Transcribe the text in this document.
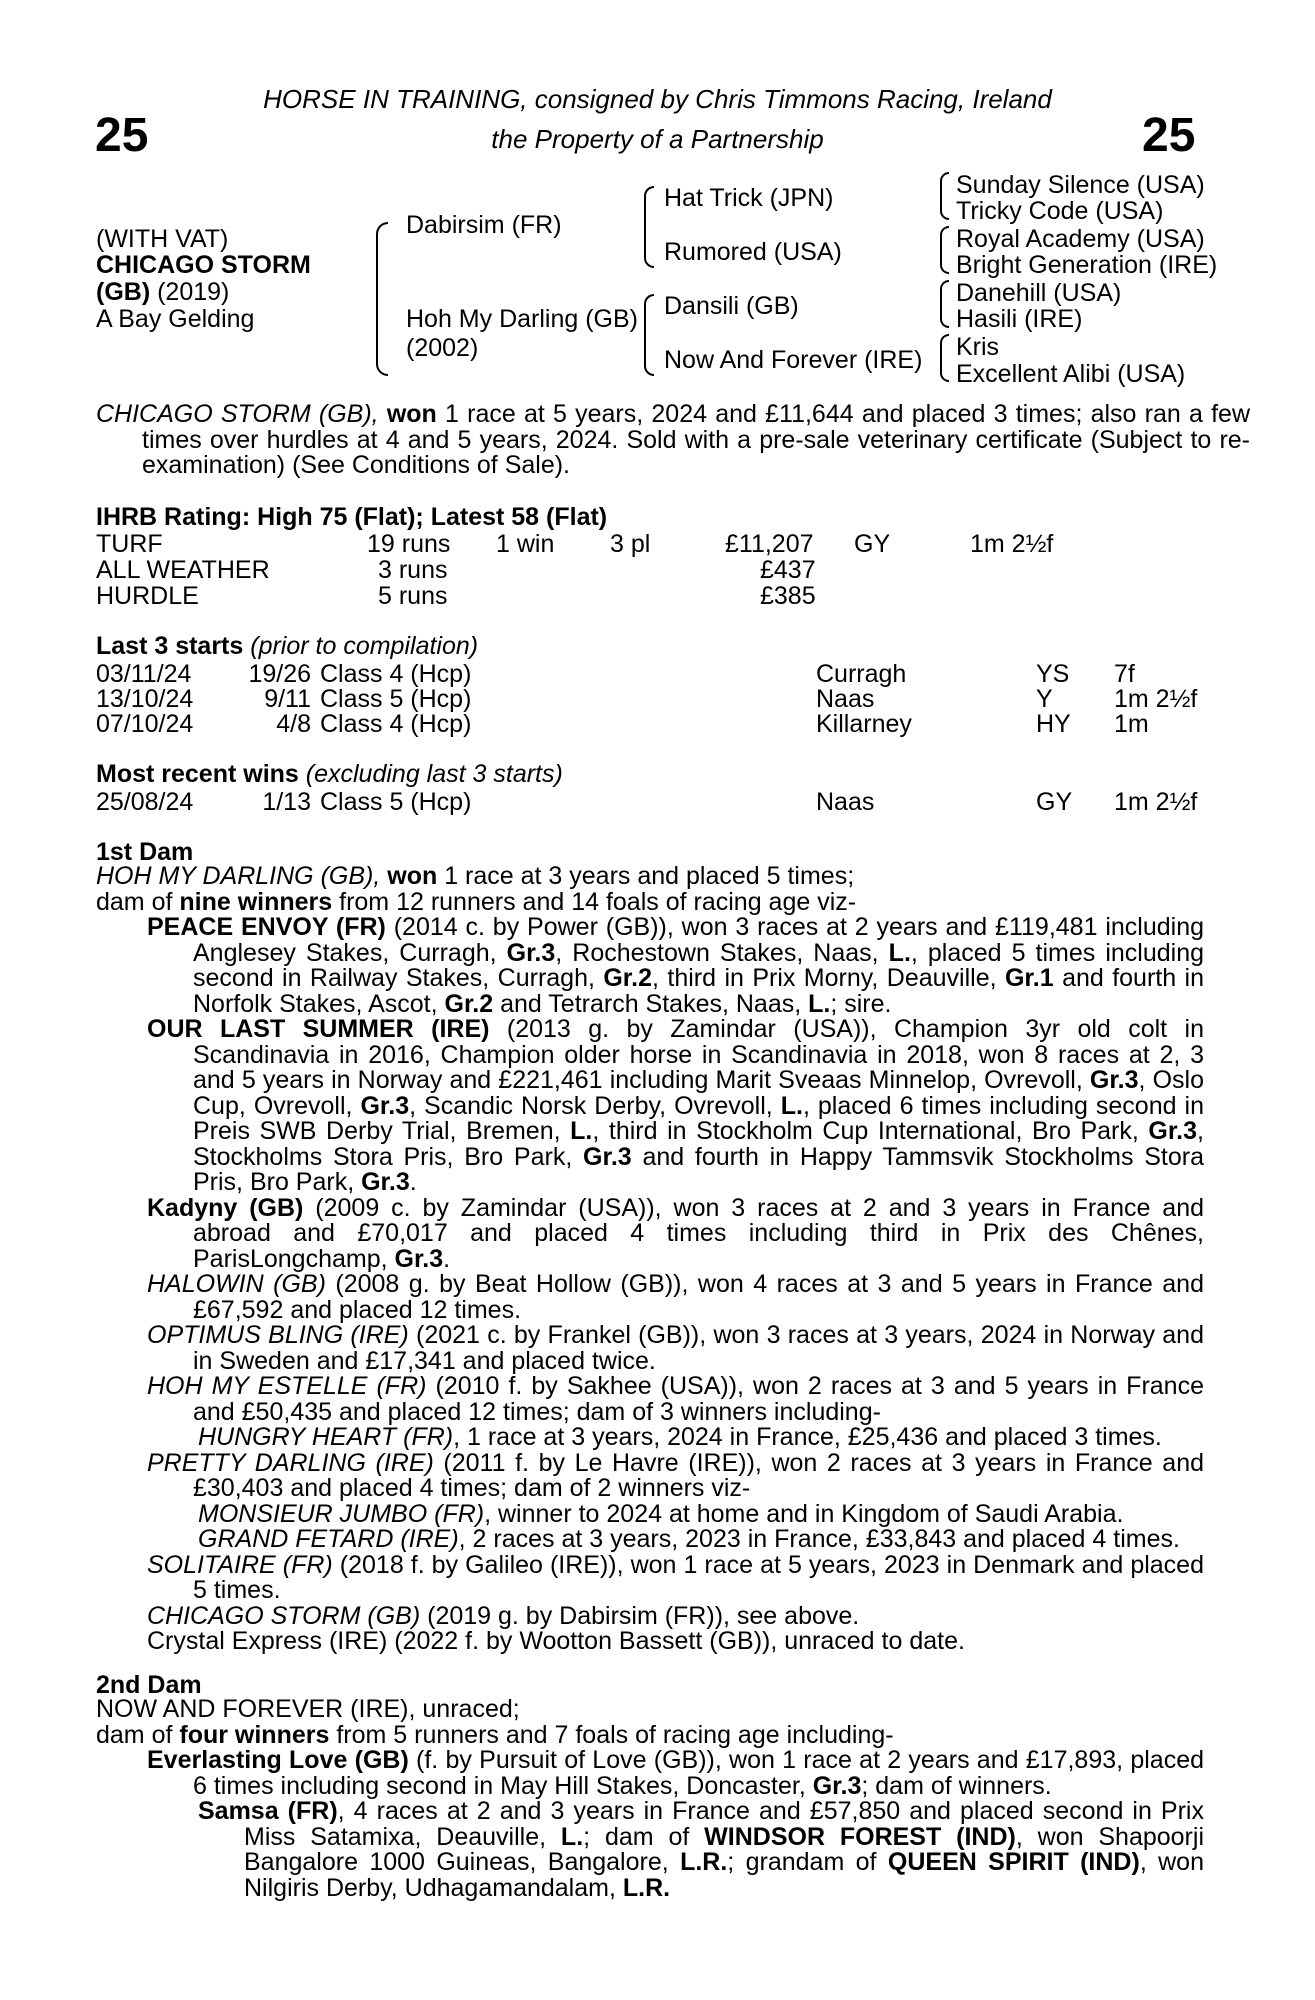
25	25
HORSE IN TRAINING, consigned by Chris Timmons Racing, Ireland
the Property of a Partnership
(WITH VAT)
CHICAGO STORM
(GB) (2019)
A Bay Gelding
Dabirsim (FR)
Hoh My Darling (GB)
(2002)
Hat Trick (JPN)
Rumored (USA)
Dansili (GB)
Now And Forever (IRE)
Sunday Silence (USA)
Tricky Code (USA)
Royal Academy (USA)
Bright Generation (IRE)
Danehill (USA)
Hasili (IRE)
Kris
Excellent Alibi (USA)
CHICAGO STORM (GB), won 1 race at 5 years, 2024 and £11,644 and placed 3 times; also ran a few times over hurdles at 4 and 5 years, 2024. Sold with a pre-sale veterinary certificate (Subject to re-examination) (See Conditions of Sale).
IHRB Rating: High 75 (Flat); Latest 58 (Flat)
TURF	19 runs 1 win 3 pl	£11,207 GY	1m 2½f
ALL WEATHER	3 runs	£437
HURDLE	5 runs	£385
Last 3 starts (prior to compilation)
03/11/24 19/26 Class 4 (Hcp)	Curragh	YS 7f
13/10/24	9/11 Class 5 (Hcp)	Naas	Y 1m 2½f
07/10/24	4/8 Class 4 (Hcp)	Killarney	HY 1m
Most recent wins (excluding last 3 starts)
25/08/24	1/13 Class 5 (Hcp)	Naas	GY 1m 2½f
1st Dam

HOH MY DARLING (GB), won 1 race at 3 years and placed 5 times;

dam of nine winners from 12 runners and 14 foals of racing age viz-

PEACE ENVOY (FR) (2014 c. by Power (GB)), won 3 races at 2 years and £119,481 including Anglesey Stakes, Curragh, Gr.3, Rochestown Stakes, Naas, L., placed 5 times including second in Railway Stakes, Curragh, Gr.2, third in Prix Morny, Deauville, Gr.1 and fourth in Norfolk Stakes, Ascot, Gr.2 and Tetrarch Stakes, Naas, L.; sire.

OUR LAST SUMMER (IRE) (2013 g. by Zamindar (USA)), Champion 3yr old colt in Scandinavia in 2016, Champion older horse in Scandinavia in 2018, won 8 races at 2, 3 and 5 years in Norway and £221,461 including Marit Sveaas Minnelop, Ovrevoll, Gr.3, Oslo Cup, Ovrevoll, Gr.3, Scandic Norsk Derby, Ovrevoll, L., placed 6 times including second in Preis SWB Derby Trial, Bremen, L., third in Stockholm Cup International, Bro Park, Gr.3, Stockholms Stora Pris, Bro Park, Gr.3 and fourth in Happy Tammsvik Stockholms Stora Pris, Bro Park, Gr.3.

Kadyny (GB) (2009 c. by Zamindar (USA)), won 3 races at 2 and 3 years in France and abroad and £70,017 and placed 4 times including third in Prix des Chênes, ParisLongchamp, Gr.3.

HALOWIN (GB) (2008 g. by Beat Hollow (GB)), won 4 races at 3 and 5 years in France and £67,592 and placed 12 times.

OPTIMUS BLING (IRE) (2021 c. by Frankel (GB)), won 3 races at 3 years, 2024 in Norway and in Sweden and £17,341 and placed twice.

HOH MY ESTELLE (FR) (2010 f. by Sakhee (USA)), won 2 races at 3 and 5 years in France and £50,435 and placed 12 times; dam of 3 winners including-

HUNGRY HEART (FR), 1 race at 3 years, 2024 in France, £25,436 and placed 3 times.

PRETTY DARLING (IRE) (2011 f. by Le Havre (IRE)), won 2 races at 3 years in France and £30,403 and placed 4 times; dam of 2 winners viz-

MONSIEUR JUMBO (FR), winner to 2024 at home and in Kingdom of Saudi Arabia.

GRAND FETARD (IRE), 2 races at 3 years, 2023 in France, £33,843 and placed 4 times.

SOLITAIRE (FR) (2018 f. by Galileo (IRE)), won 1 race at 5 years, 2023 in Denmark and placed 5 times.

CHICAGO STORM (GB) (2019 g. by Dabirsim (FR)), see above.

Crystal Express (IRE) (2022 f. by Wootton Bassett (GB)), unraced to date.

2nd Dam

NOW AND FOREVER (IRE), unraced;

dam of four winners from 5 runners and 7 foals of racing age including-

Everlasting Love (GB) (f. by Pursuit of Love (GB)), won 1 race at 2 years and £17,893, placed 6 times including second in May Hill Stakes, Doncaster, Gr.3; dam of winners.

Samsa (FR), 4 races at 2 and 3 years in France and £57,850 and placed second in Prix Miss Satamixa, Deauville, L.; dam of WINDSOR FOREST (IND), won Shapoorji Bangalore 1000 Guineas, Bangalore, L.R.; grandam of QUEEN SPIRIT (IND), won Nilgiris Derby, Udhagamandalam, L.R.
